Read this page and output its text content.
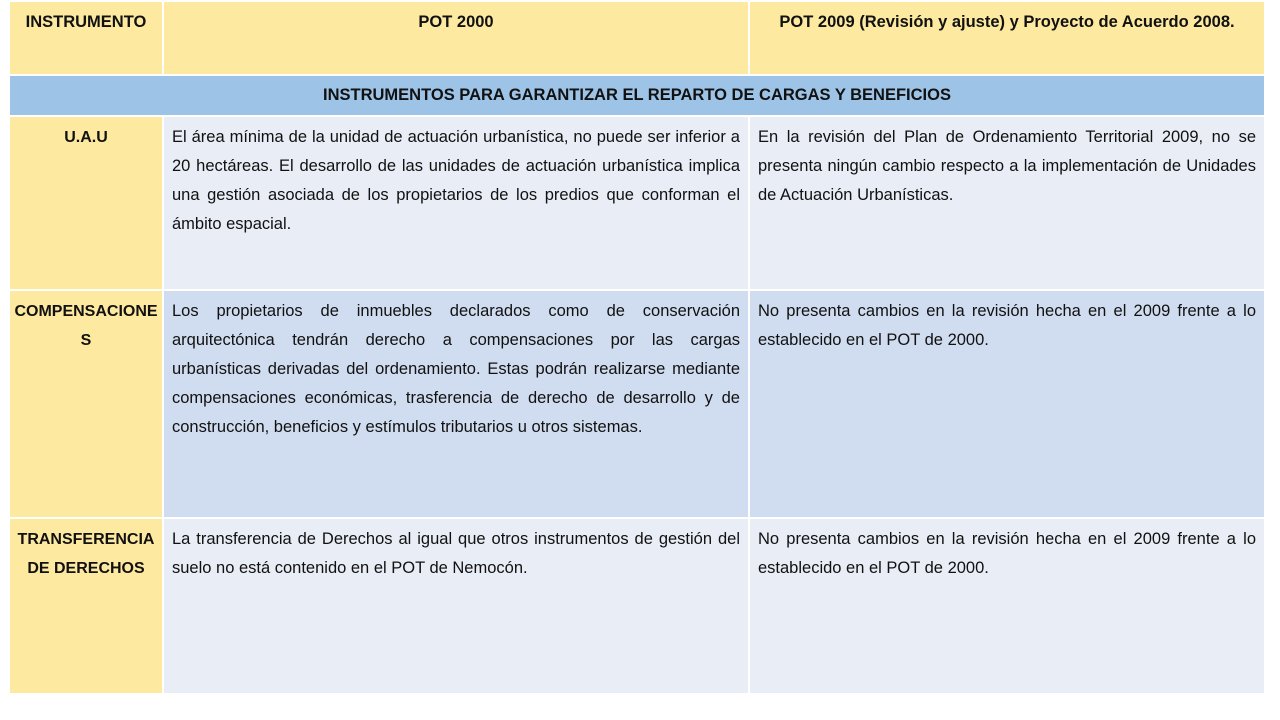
INSTRUMENTO	POT 2000	POT 2009 (Revisión y ajuste) y Proyecto de Acuerdo 2008.
INSTRUMENTOS PARA GARANTIZAR EL REPARTO DE CARGAS Y BENEFICIOS		
U.A.U	El área mínima de la unidad de actuación urbanística, no puede ser inferior a 20 hectáreas. El desarrollo de las unidades de actuación urbanística implica una gestión asociada de los propietarios de los predios que conforman el ámbito espacial.	En la revisión del Plan de Ordenamiento Territorial 2009, no se presenta ningún cambio respecto a la implementación de Unidades de Actuación Urbanísticas.
COMPENSACIONES	Los propietarios de inmuebles declarados como de conservación arquitectónica tendrán derecho a compensaciones por las cargas urbanísticas derivadas del ordenamiento. Estas podrán realizarse mediante compensaciones económicas, trasferencia de derecho de desarrollo y de construcción, beneficios y estímulos tributarios u otros sistemas.	No presenta cambios en la revisión hecha en el 2009 frente a lo establecido en el POT de 2000.
TRANSFERENCIA DE DERECHOS	La transferencia de Derechos al igual que otros instrumentos de gestión del suelo no está contenido en el POT de Nemocón.	No presenta cambios en la revisión hecha en el 2009 frente a lo establecido en el POT de 2000.
